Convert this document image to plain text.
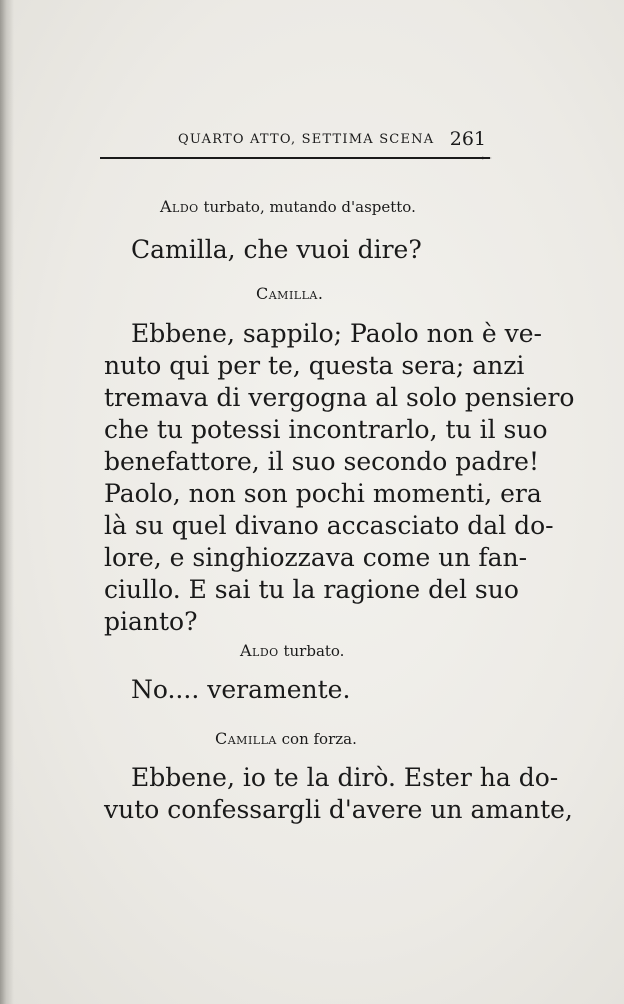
QUARTO ATTO, SETTIMA SCENA 261
Aldo turbato, mutando d'aspetto.
Camilla, che vuoi dire?
Camilla.
Ebbene, sappilo; Paolo non è ve-
nuto qui per te, questa sera; anzi
tremava di vergogna al solo pensiero
che tu potessi incontrarlo, tu il suo
benefattore, il suo secondo padre!
Paolo, non son pochi momenti, era
là su quel divano accasciato dal do-
lore, e singhiozzava come un fan-
ciullo. E sai tu la ragione del suo
pianto?
Aldo turbato.
No.... veramente.
Camilla con forza.
Ebbene, io te la dirò. Ester ha do-
vuto confessargli d'avere un amante,
